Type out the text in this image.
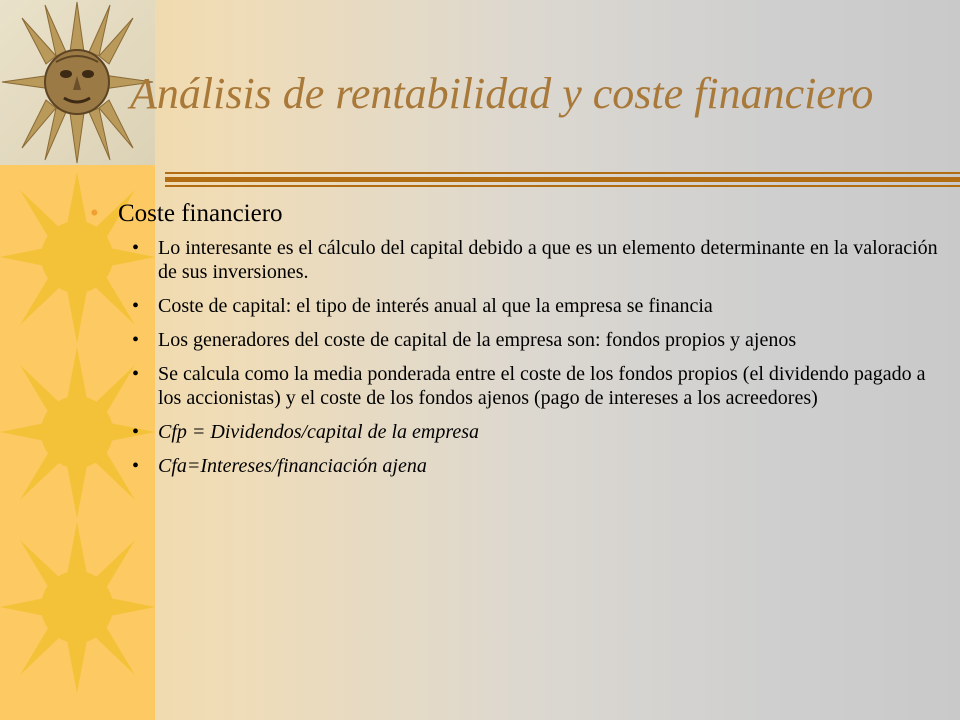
Análisis de rentabilidad y coste financiero
• Coste financiero
• Lo interesante es el cálculo del capital debido a que es un elemento determinante en la valoración de sus inversiones.
• Coste de capital: el tipo de interés anual al que la empresa se financia
• Los generadores del coste de capital de la empresa son: fondos propios y ajenos
• Se calcula como la media ponderada entre el coste de los fondos propios (el dividendo pagado a los accionistas) y el coste de los fondos ajenos (pago de intereses a los acreedores)
• Cfp = Dividendos/capital de la empresa
• Cfa=Intereses/financiación ajena
